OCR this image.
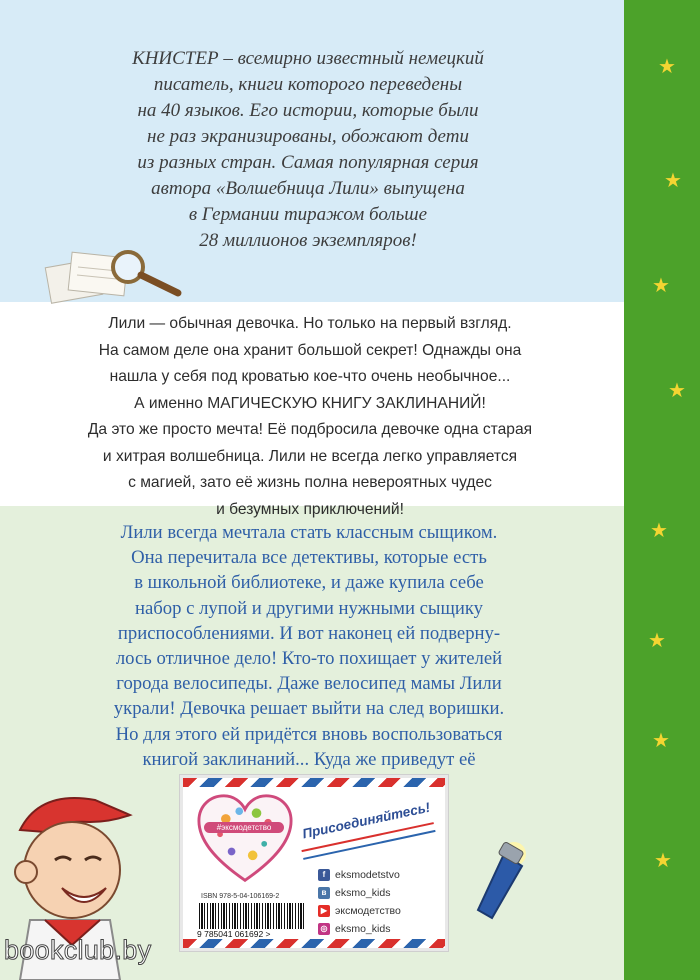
КНИСТЕР – всемирно известный немецкий
писатель, книги которого переведены
на 40 языков. Его истории, которые были
не раз экранизированы, обожают дети
из разных стран. Самая популярная серия
автора «Волшебница Лили» выпущена
в Германии тиражом больше
28 миллионов экземпляров!
Лили — обычная девочка. Но только на первый взгляд.
На самом деле она хранит большой секрет! Однажды она
нашла у себя под кроватью кое-что очень необычное...
А именно МАГИЧЕСКУЮ КНИГУ ЗАКЛИНАНИЙ!
Да это же просто мечта! Её подбросила девочке одна старая
и хитрая волшебница. Лили не всегда легко управляется
с магией, зато её жизнь полна невероятных чудес
и безумных приключений!
Лили всегда мечтала стать классным сыщиком.
Она перечитала все детективы, которые есть
в школьной библиотеке, и даже купила себе
набор с лупой и другими нужными сыщику
приспособлениями. И вот наконец ей подверну-
лось отличное дело! Кто-то похищает у жителей
города велосипеды. Даже велосипед мамы Лили
украли! Девочка решает выйти на след воришки.
Но для этого ей придётся вновь воспользоваться
книгой заклинаний... Куда же приведут её
#эксмодетство	Присоединяйтесь!
f eksmodetstvo
в eksmo_kids
▶ эксмодетство
◎ eksmo_kids
ISBN 978-5-04-106169-2
9 785041 061692 >
bookclub.by
★
★
★
★
★
★
★
★
